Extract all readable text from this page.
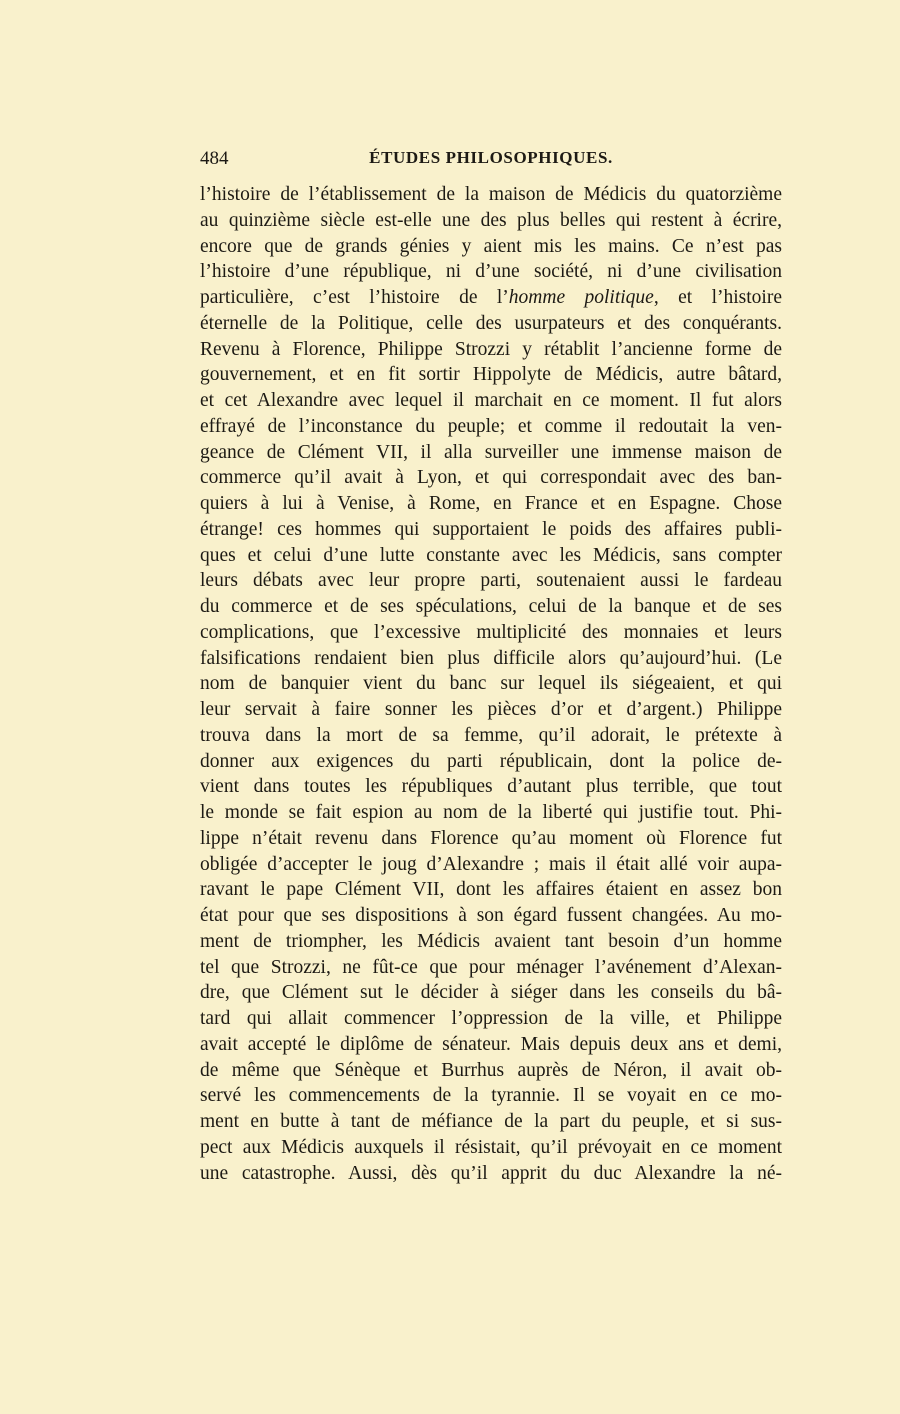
484	ÉTUDES PHILOSOPHIQUES.
l’histoire de l’établissement de la maison de Médicis du quatorzième
au quinzième siècle est-elle une des plus belles qui restent à écrire,
encore que de grands génies y aient mis les mains. Ce n’est pas
l’histoire d’une république, ni d’une société, ni d’une civilisation
particulière, c’est l’histoire de l’homme politique, et l’histoire
éternelle de la Politique, celle des usurpateurs et des conquérants.
Revenu à Florence, Philippe Strozzi y rétablit l’ancienne forme de
gouvernement, et en fit sortir Hippolyte de Médicis, autre bâtard,
et cet Alexandre avec lequel il marchait en ce moment. Il fut alors
effrayé de l’inconstance du peuple; et comme il redoutait la ven-
geance de Clément VII, il alla surveiller une immense maison de
commerce qu’il avait à Lyon, et qui correspondait avec des ban-
quiers à lui à Venise, à Rome, en France et en Espagne. Chose
étrange! ces hommes qui supportaient le poids des affaires publi-
ques et celui d’une lutte constante avec les Médicis, sans compter
leurs débats avec leur propre parti, soutenaient aussi le fardeau
du commerce et de ses spéculations, celui de la banque et de ses
complications, que l’excessive multiplicité des monnaies et leurs
falsifications rendaient bien plus difficile alors qu’aujourd’hui. (Le
nom de banquier vient du banc sur lequel ils siégeaient, et qui
leur servait à faire sonner les pièces d’or et d’argent.) Philippe
trouva dans la mort de sa femme, qu’il adorait, le prétexte à
donner aux exigences du parti républicain, dont la police de-
vient dans toutes les républiques d’autant plus terrible, que tout
le monde se fait espion au nom de la liberté qui justifie tout. Phi-
lippe n’était revenu dans Florence qu’au moment où Florence fut
obligée d’accepter le joug d’Alexandre ; mais il était allé voir aupa-
ravant le pape Clément VII, dont les affaires étaient en assez bon
état pour que ses dispositions à son égard fussent changées. Au mo-
ment de triompher, les Médicis avaient tant besoin d’un homme
tel que Strozzi, ne fût-ce que pour ménager l’avénement d’Alexan-
dre, que Clément sut le décider à siéger dans les conseils du bâ-
tard qui allait commencer l’oppression de la ville, et Philippe
avait accepté le diplôme de sénateur. Mais depuis deux ans et demi,
de même que Sénèque et Burrhus auprès de Néron, il avait ob-
servé les commencements de la tyrannie. Il se voyait en ce mo-
ment en butte à tant de méfiance de la part du peuple, et si sus-
pect aux Médicis auxquels il résistait, qu’il prévoyait en ce moment
une catastrophe. Aussi, dès qu’il apprit du duc Alexandre la né-
